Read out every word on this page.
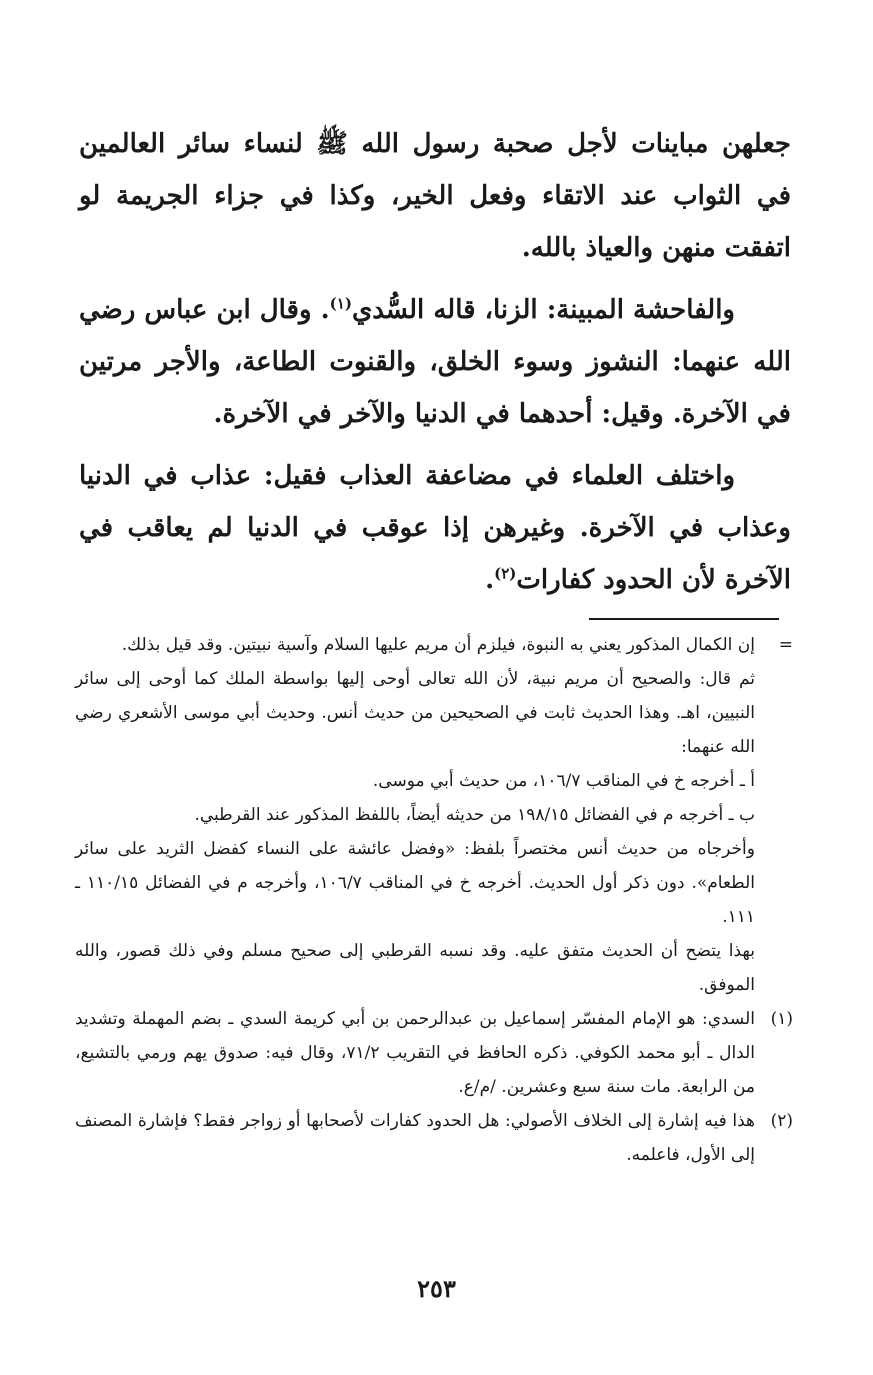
جعلهن مباينات لأجل صحبة رسول الله ﷺ لنساء سائر العالمين في الثواب عند الاتقاء وفعل الخير، وكذا في جزاء الجريمة لو اتفقت منهن والعياذ بالله.

والفاحشة المبينة: الزنا، قاله السُّدي$^{(١)}$. وقال ابن عباس رضي الله عنهما: النشوز وسوء الخلق، والقنوت الطاعة، والأجر مرتين في الآخرة. وقيل: أحدهما في الدنيا والآخر في الآخرة.

واختلف العلماء في مضاعفة العذاب فقيل: عذاب في الدنيا وعذاب في الآخرة. وغيرهن إذا عوقب في الدنيا لم يعاقب في الآخرة لأن الحدود كفارات$^{(٢)}$.

=

إن الكمال المذكور يعني به النبوة، فيلزم أن مريم عليها السلام وآسية نبيتين. وقد قيل بذلك.

ثم قال: والصحيح أن مريم نبية، لأن الله تعالى أوحى إليها بواسطة الملك كما أوحى إلى سائر النبيين، اهـ. وهذا الحديث ثابت في الصحيحين من حديث أنس. وحديث أبي موسى الأشعري رضي الله عنهما:

أ ـ أخرجه خ في المناقب ١٠٦/٧، من حديث أبي موسى.

ب ـ أخرجه م في الفضائل ١٩٨/١٥ من حديثه أيضاً، باللفظ المذكور عند القرطبي.

وأخرجاه من حديث أنس مختصراً بلفظ: «وفضل عائشة على النساء كفضل الثريد على سائر الطعام». دون ذكر أول الحديث. أخرجه خ في المناقب ١٠٦/٧، وأخرجه م في الفضائل ١١٠/١٥ ـ ١١١.

بهذا يتضح أن الحديث متفق عليه. وقد نسبه القرطبي إلى صحيح مسلم وفي ذلك قصور، والله الموفق.

(١)

السدي: هو الإمام المفسّر إسماعيل بن عبدالرحمن بن أبي كريمة السدي ـ بضم المهملة وتشديد الدال ـ أبو محمد الكوفي. ذكره الحافظ في التقريب ٧١/٢، وقال فيه: صدوق يهم ورمي بالتشيع، من الرابعة. مات سنة سبع وعشرين. /م/ع.

(٢)

هذا فيه إشارة إلى الخلاف الأصولي: هل الحدود كفارات لأصحابها أو زواجر فقط؟ فإشارة المصنف إلى الأول، فاعلمه.

٢٥٣
